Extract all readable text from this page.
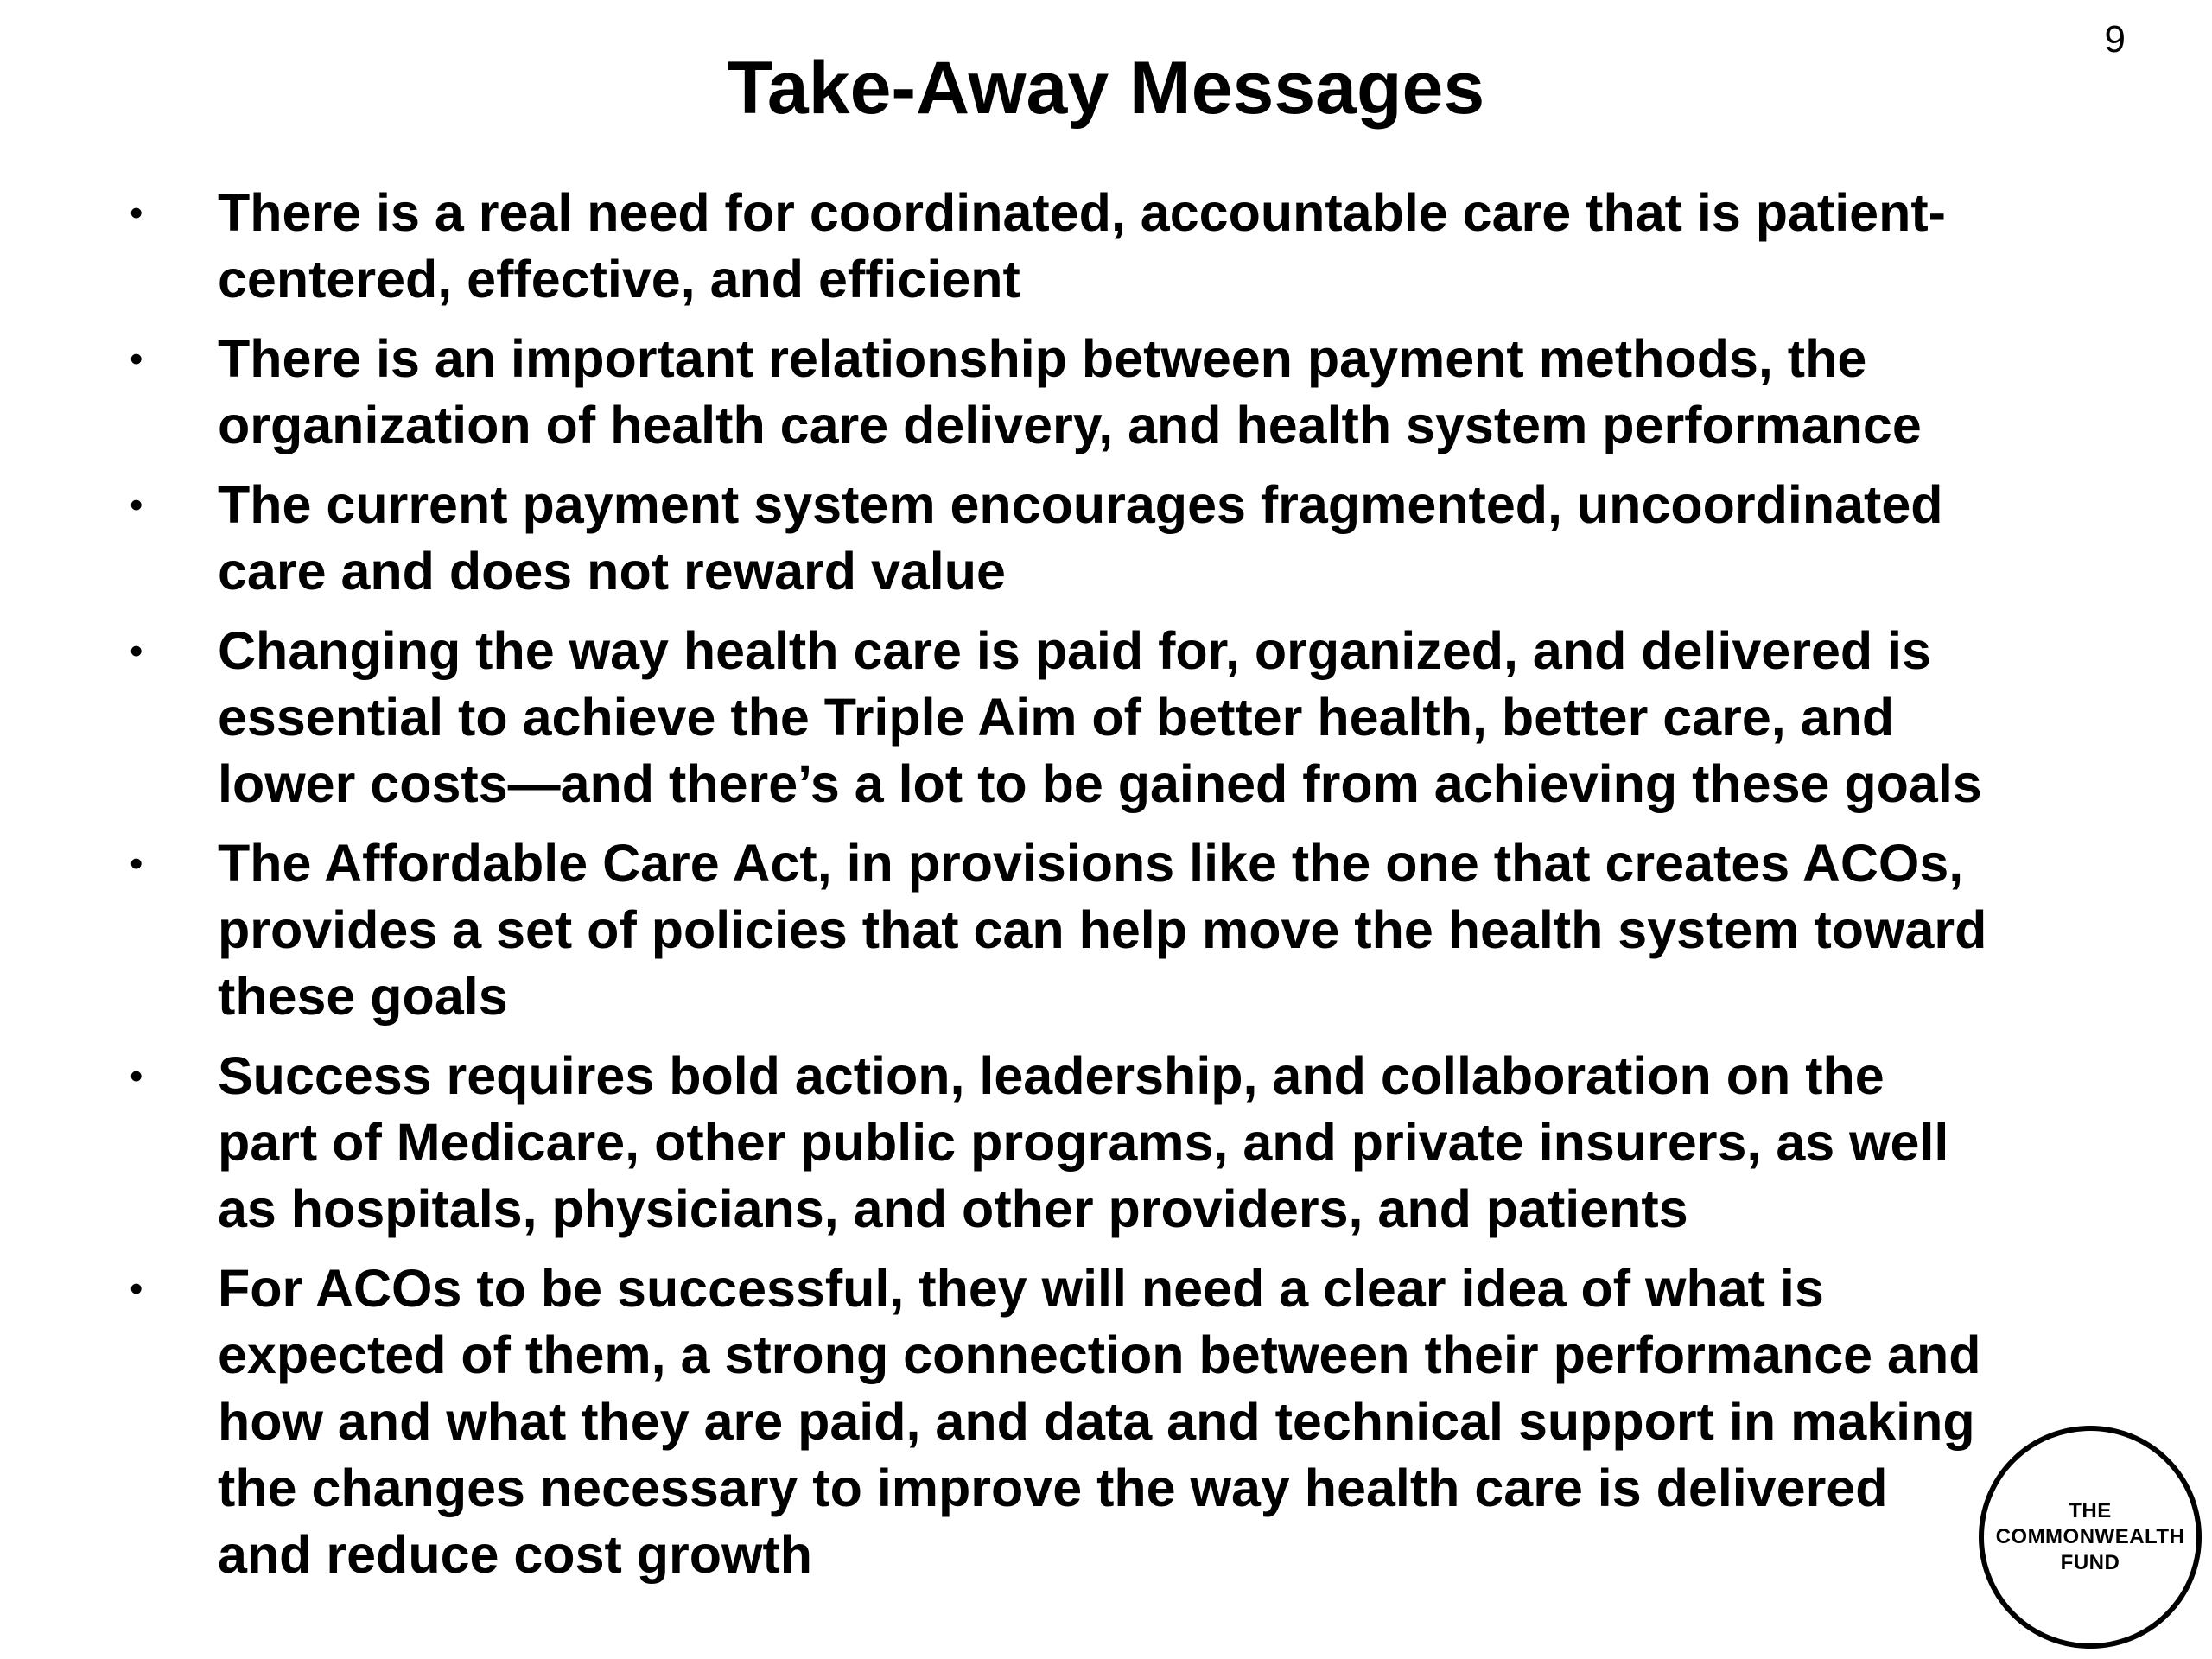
9
Take-Away Messages
• There is a real need for coordinated, accountable care that is patient-
centered, effective, and efficient
• There is an important relationship between payment methods, the
organization of health care delivery, and health system performance
• The current payment system encourages fragmented, uncoordinated
care and does not reward value
• Changing the way health care is paid for, organized, and delivered is
essential to achieve the Triple Aim of better health, better care, and
lower costs—and there’s a lot to be gained from achieving these goals
• The Affordable Care Act, in provisions like the one that creates ACOs,
provides a set of policies that can help move the health system toward
these goals
• Success requires bold action, leadership, and collaboration on the
part of Medicare, other public programs, and private insurers, as well
as hospitals, physicians, and other providers, and patients
• For ACOs to be successful, they will need a clear idea of what is
expected of them, a strong connection between their performance and
how and what they are paid, and data and technical support in making
the changes necessary to improve the way health care is delivered
and reduce cost growth
THE
COMMONWEALTH
FUND
